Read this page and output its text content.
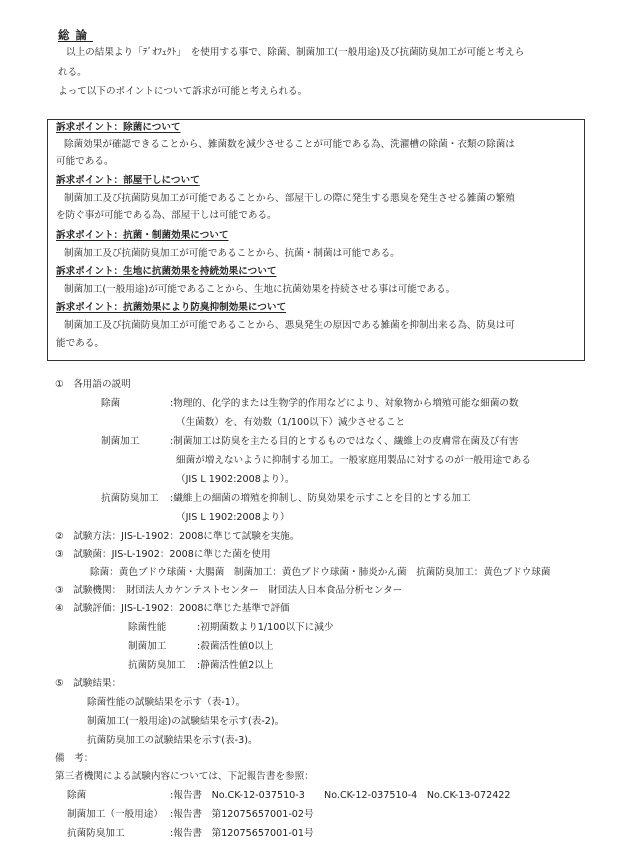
総論
以上の結果より「ﾃﾞｵﾌｪｸﾄ」　を使用する事で、除菌、制菌加工(一般用途)及び抗菌防臭加工が可能と考えら
れる。
よって以下のポイントについて訴求が可能と考えられる。
訴求ポイント：除菌について
除菌効果が確認できることから、雑菌数を減少させることが可能である為、洗濯槽の除菌・衣類の除菌は
可能である。
訴求ポイント：部屋干しについて
制菌加工及び抗菌防臭加工が可能であることから、部屋干しの際に発生する悪臭を発生させる雑菌の繁殖
を防ぐ事が可能である為、部屋干しは可能である。
訴求ポイント：抗菌・制菌効果について
制菌加工及び抗菌防臭加工が可能であることから、抗菌・制菌は可能である。
訴求ポイント：生地に抗菌効果を持続効果について
制菌加工(一般用途)が可能であることから、生地に抗菌効果を持続させる事は可能である。
訴求ポイント：抗菌効果により防臭抑制効果について
制菌加工及び抗菌防臭加工が可能であることから、悪臭発生の原因である雑菌を抑制出来る為、防臭は可
能である。
①　各用語の説明
除菌	:物理的、化学的または生物学的作用などにより、対象物から増殖可能な細菌の数
（生菌数）を、有効数（1/100以下）減少させること
制菌加工	:制菌加工は防臭を主たる目的とするものではなく、繊維上の皮膚常在菌及び有害
細菌が増えないように抑制する加工。一般家庭用製品に対するのが一般用途である
（JIS L 1902:2008より）。
抗菌防臭加工 :繊維上の細菌の増殖を抑制し、防臭効果を示すことを目的とする加工
（JIS L 1902:2008より）
②　試験方法：JIS-L-1902：2008に準じて試験を実施。
③　試験菌：JIS-L-1902：2008に準じた菌を使用
除菌：黄色ブドウ球菌・大腸菌　制菌加工：黄色ブドウ球菌・肺炎かん菌　抗菌防臭加工：黄色ブドウ球菌
③　試験機関：　財団法人カケンテストセンター　財団法人日本食品分析センター
④　試験評価：JIS-L-1902：2008に準じた基準で評価
除菌性能	:初期菌数より1/100以下に減少
制菌加工	:殺菌活性値0以上
抗菌防臭加工 :静菌活性値2以上
⑤　試験結果：
除菌性能の試験結果を示す（表-1）。
制菌加工(一般用途)の試験結果を示す(表-2)。
抗菌防臭加工の試験結果を示す(表-3)。
備　考：
第三者機関による試験内容については、下記報告書を参照：
除菌	:報告書　No.CK-12-037510-3　　No.CK-12-037510-4　No.CK-13-072422
制菌加工（一般用途） :報告書　第12075657001-02号
抗菌防臭加工	:報告書　第12075657001-01号
